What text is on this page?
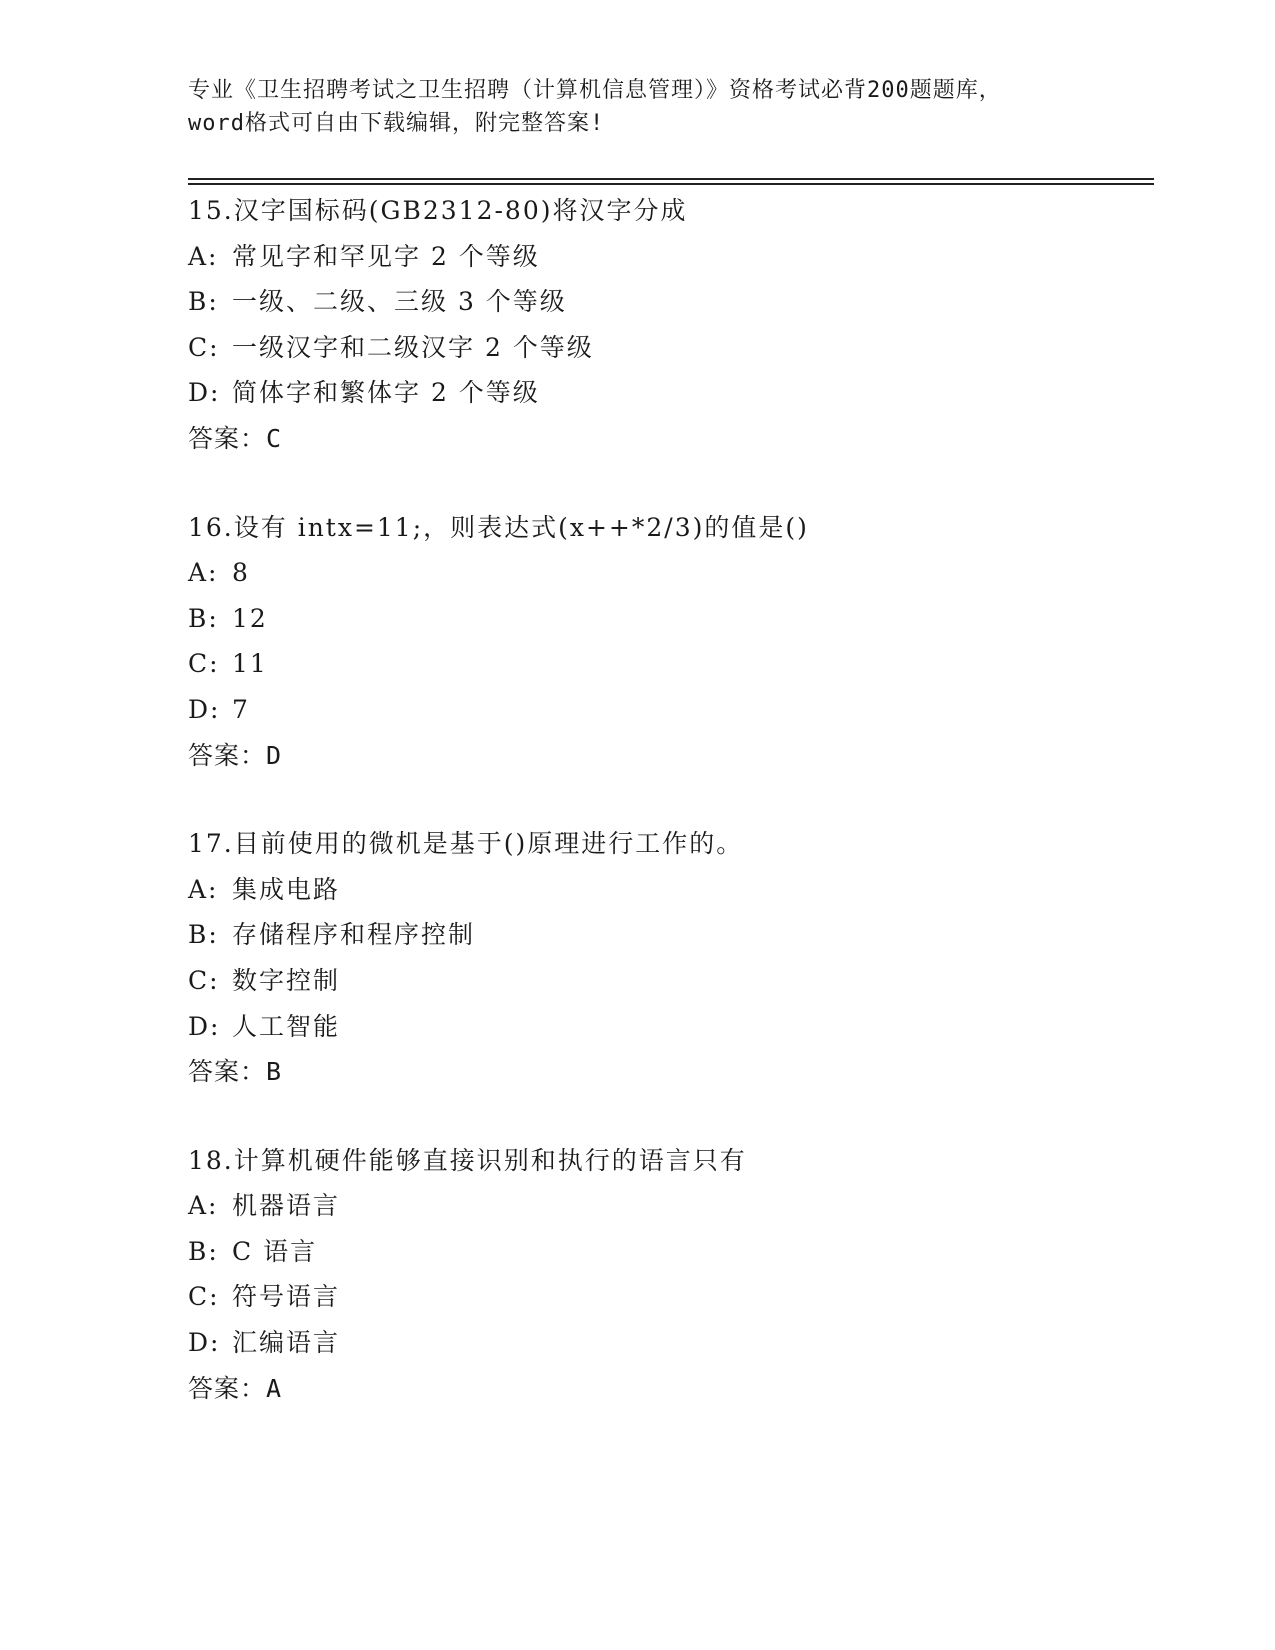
专业《卫生招聘考试之卫生招聘（计算机信息管理）》资格考试必背200题题库，
word格式可自由下载编辑，附完整答案!
15.汉字国标码(GB2312-80)将汉字分成
A: 常见字和罕见字 2 个等级
B: 一级、二级、三级 3 个等级
C: 一级汉字和二级汉字 2 个等级
D: 简体字和繁体字 2 个等级
答案：C
16.设有 intx=11;，则表达式(x++*2/3)的值是()
A: 8
B: 12
C: 11
D: 7
答案：D
17.目前使用的微机是基于()原理进行工作的。
A: 集成电路
B: 存储程序和程序控制
C: 数字控制
D: 人工智能
答案：B
18.计算机硬件能够直接识别和执行的语言只有
A: 机器语言
B: C 语言
C: 符号语言
D: 汇编语言
答案：A
